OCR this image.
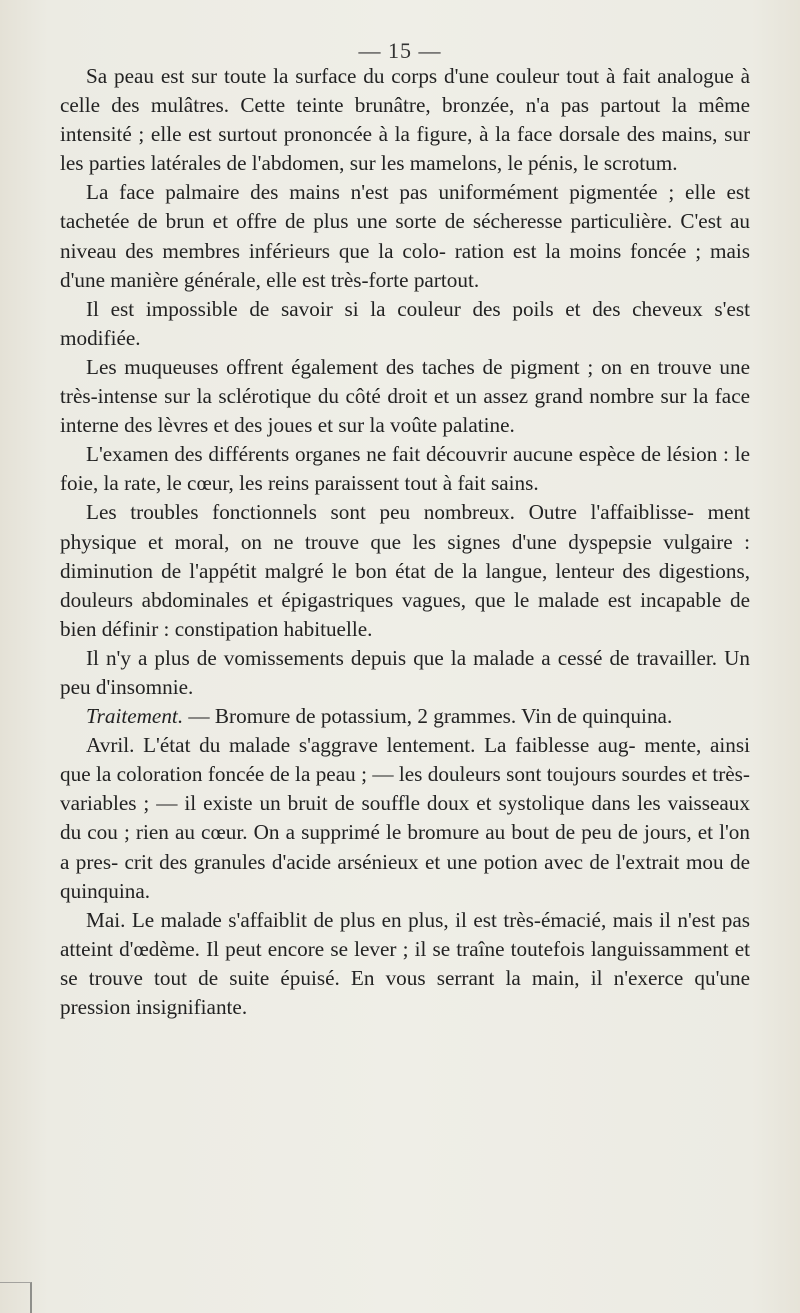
— 15 —

Sa peau est sur toute la surface du corps d'une couleur tout à fait analogue à celle des mulâtres. Cette teinte brunâtre, bronzée, n'a pas partout la même intensité ; elle est surtout prononcée à la figure, à la face dorsale des mains, sur les parties latérales de l'abdomen, sur les mamelons, le pénis, le scrotum.

La face palmaire des mains n'est pas uniformément pigmentée ; elle est tachetée de brun et offre de plus une sorte de sécheresse particulière. C'est au niveau des membres inférieurs que la colo- ration est la moins foncée ; mais d'une manière générale, elle est très-forte partout.

Il est impossible de savoir si la couleur des poils et des cheveux s'est modifiée.

Les muqueuses offrent également des taches de pigment ; on en trouve une très-intense sur la sclérotique du côté droit et un assez grand nombre sur la face interne des lèvres et des joues et sur la voûte palatine.

L'examen des différents organes ne fait découvrir aucune espèce de lésion : le foie, la rate, le cœur, les reins paraissent tout à fait sains.

Les troubles fonctionnels sont peu nombreux. Outre l'affaiblisse- ment physique et moral, on ne trouve que les signes d'une dyspepsie vulgaire : diminution de l'appétit malgré le bon état de la langue, lenteur des digestions, douleurs abdominales et épigastriques vagues, que le malade est incapable de bien définir : constipation habituelle.

Il n'y a plus de vomissements depuis que la malade a cessé de travailler. Un peu d'insomnie.

Traitement. — Bromure de potassium, 2 grammes. Vin de quinquina.

Avril. L'état du malade s'aggrave lentement. La faiblesse aug- mente, ainsi que la coloration foncée de la peau ; — les douleurs sont toujours sourdes et très-variables ; — il existe un bruit de souffle doux et systolique dans les vaisseaux du cou ; rien au cœur. On a supprimé le bromure au bout de peu de jours, et l'on a pres- crit des granules d'acide arsénieux et une potion avec de l'extrait mou de quinquina.

Mai. Le malade s'affaiblit de plus en plus, il est très-émacié, mais il n'est pas atteint d'œdème. Il peut encore se lever ; il se traîne toutefois languissamment et se trouve tout de suite épuisé. En vous serrant la main, il n'exerce qu'une pression insignifiante.
